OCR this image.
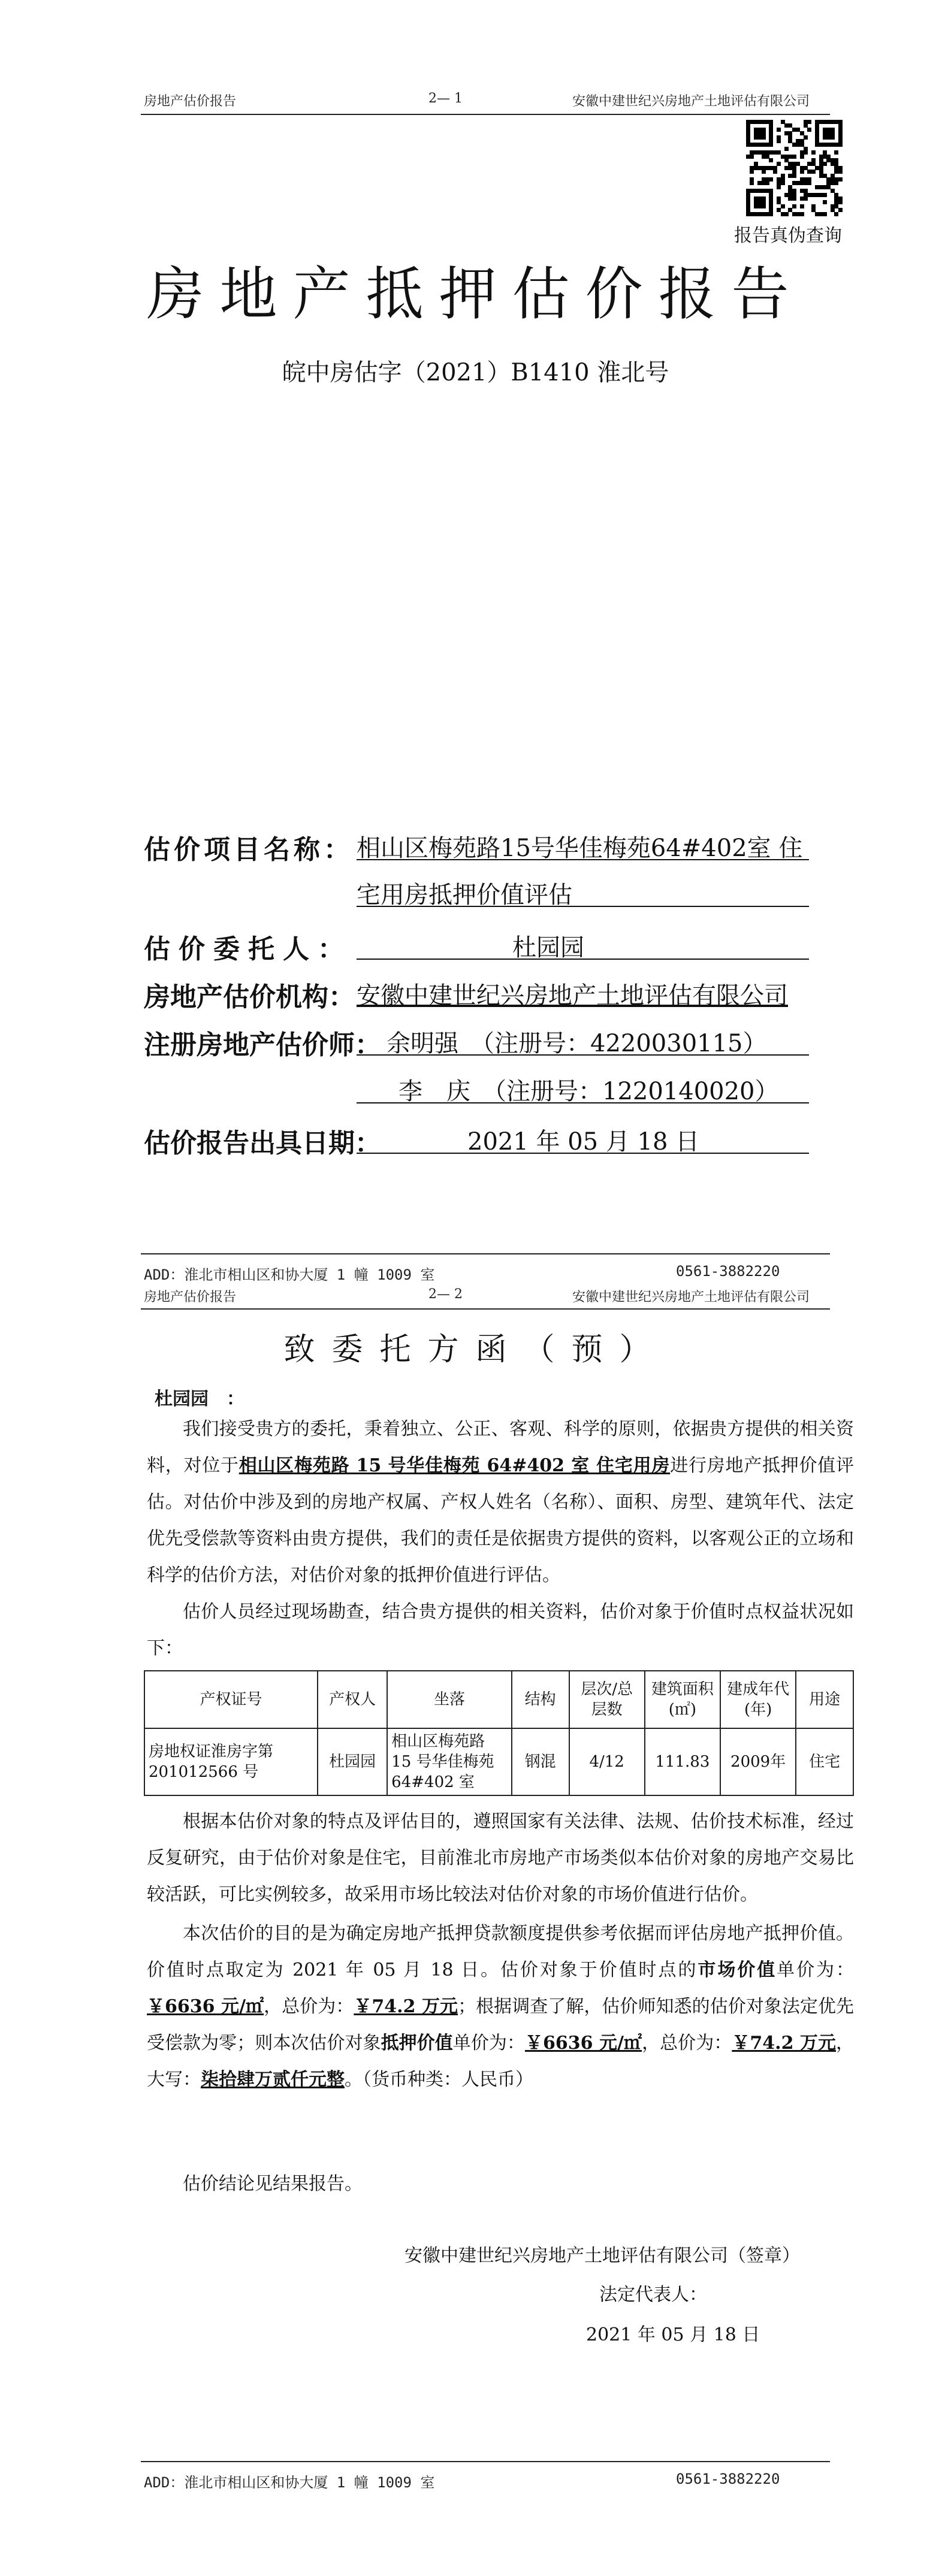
房地产估价报告	2— 1	安徽中建世纪兴房地产土地评估有限公司
报告真伪查询
房地产抵押估价报告
皖中房估字（2021）B1410 淮北号
估价项目名称： 相山区梅苑路15号华佳梅苑64#402室 住
宅用房抵押价值评估
估价委托人：	杜园园
房地产估价机构： 安徽中建世纪兴房地产土地评估有限公司
注册房地产估价师： 余明强　（注册号：4220030115）
李　庆　（注册号：1220140020）
估价报告出具日期：	2021 年 05 月 18 日
ADD：淮北市相山区和协大厦 1 幢 1009 室	0561-3882220
房地产估价报告	2— 2	安徽中建世纪兴房地产土地评估有限公司
致委托方函（预）
杜园园　：
我们接受贵方的委托，秉着独立、公正、客观、科学的原则，依据贵方提供的相关资料，对位于相山区梅苑路 15 号华佳梅苑 64#402 室 住宅用房进行房地产抵押价值评估。对估价中涉及到的房地产权属、产权人姓名（名称）、面积、房型、建筑年代、法定优先受偿款等资料由贵方提供，我们的责任是依据贵方提供的资料，以客观公正的立场和科学的估价方法，对估价对象的抵押价值进行评估。
估价人员经过现场勘查，结合贵方提供的相关资料，估价对象于价值时点权益状况如下：
产权证号	产权人	坐落	结构	层次/总层数	建筑面积(㎡)	建成年代(年)	用途
房地权证淮房字第 201012566 号	杜园园	相山区梅苑路 15 号华佳梅苑 64#402 室	钢混	4/12	111.83	2009年	住宅
根据本估价对象的特点及评估目的，遵照国家有关法律、法规、估价技术标准，经过反复研究，由于估价对象是住宅，目前淮北市房地产市场类似本估价对象的房地产交易比较活跃，可比实例较多，故采用市场比较法对估价对象的市场价值进行估价。
本次估价的目的是为确定房地产抵押贷款额度提供参考依据而评估房地产抵押价值。价值时点取定为 2021 年 05 月 18 日。估价对象于价值时点的市场价值单价为：￥6636 元/㎡，总价为：￥74.2 万元；根据调查了解，估价师知悉的估价对象法定优先受偿款为零；则本次估价对象抵押价值单价为：￥6636 元/㎡，总价为：￥74.2 万元，大写：柒拾肆万贰仟元整。（货币种类：人民币）
估价结论见结果报告。
安徽中建世纪兴房地产土地评估有限公司（签章）
法定代表人：
2021 年 05 月 18 日
ADD：淮北市相山区和协大厦 1 幢 1009 室	0561-3882220
